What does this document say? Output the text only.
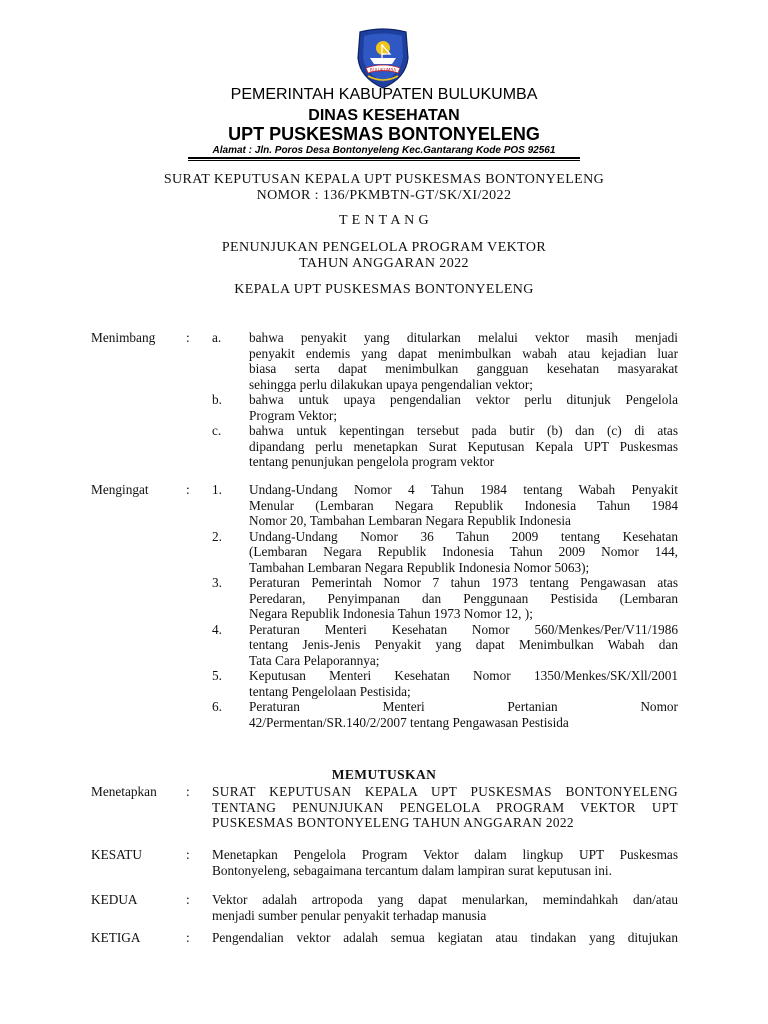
BULUKUMBA
PEMERINTAH KABUPATEN BULUKUMBA
DINAS KESEHATAN
UPT PUSKESMAS BONTONYELENG
Alamat : Jln. Poros Desa Bontonyeleng Kec.Gantarang Kode POS 92561
SURAT KEPUTUSAN KEPALA UPT PUSKESMAS BONTONYELENG
NOMOR : 136/PKMBTN-GT/SK/XI/2022
T E N T A N G
PENUNJUKAN PENGELOLA PROGRAM VEKTOR
TAHUN ANGGARAN 2022
KEPALA UPT PUSKESMAS BONTONYELENG
Menimbang : a. bahwa penyakit yang ditularkan melalui vektor masih menjadi
penyakit endemis yang dapat menimbulkan wabah atau kejadian luar
biasa serta dapat menimbulkan gangguan kesehatan masyarakat
sehingga perlu dilakukan upaya pengendalian vektor;
b. bahwa untuk upaya pengendalian vektor perlu ditunjuk Pengelola
Program Vektor;
c. bahwa untuk kepentingan tersebut pada butir (b) dan (c) di atas
dipandang perlu menetapkan Surat Keputusan Kepala UPT Puskesmas
tentang penunjukan pengelola program vektor
Mengingat	: 1. Undang-Undang Nomor 4 Tahun 1984 tentang Wabah Penyakit
Menular (Lembaran Negara Republik Indonesia Tahun 1984
Nomor 20, Tambahan Lembaran Negara Republik Indonesia
2. Undang-Undang Nomor 36 Tahun 2009 tentang Kesehatan
(Lembaran Negara Republik Indonesia Tahun 2009 Nomor 144,
Tambahan Lembaran Negara Republik Indonesia Nomor 5063);
3. Peraturan Pemerintah Nomor 7 tahun 1973 tentang Pengawasan atas
Peredaran, Penyimpanan dan Penggunaan Pestisida (Lembaran
Negara Republik Indonesia Tahun 1973 Nomor 12, );
4. Peraturan Menteri Kesehatan Nomor 560/Menkes/Per/V11/1986
tentang Jenis-Jenis Penyakit yang dapat Menimbulkan Wabah dan
Tata Cara Pelaporannya;
5. Keputusan Menteri Kesehatan Nomor 1350/Menkes/SK/Xll/2001
tentang Pengelolaan Pestisida;
6. Peraturan Menteri Pertanian Nomor
42/Permentan/SR.140/2/2007 tentang Pengawasan Pestisida
MEMUTUSKAN
Menetapkan : SURAT KEPUTUSAN KEPALA UPT PUSKESMAS BONTONYELENG
TENTANG PENUNJUKAN PENGELOLA PROGRAM VEKTOR UPT
PUSKESMAS BONTONYELENG TAHUN ANGGARAN 2022
KESATU	: Menetapkan Pengelola Program Vektor dalam lingkup UPT Puskesmas
Bontonyeleng, sebagaimana tercantum dalam lampiran surat keputusan ini.
KEDUA	: Vektor adalah artropoda yang dapat menularkan, memindahkah dan/atau
menjadi sumber penular penyakit terhadap manusia
KETIGA	: Pengendalian vektor adalah semua kegiatan atau tindakan yang ditujukan
